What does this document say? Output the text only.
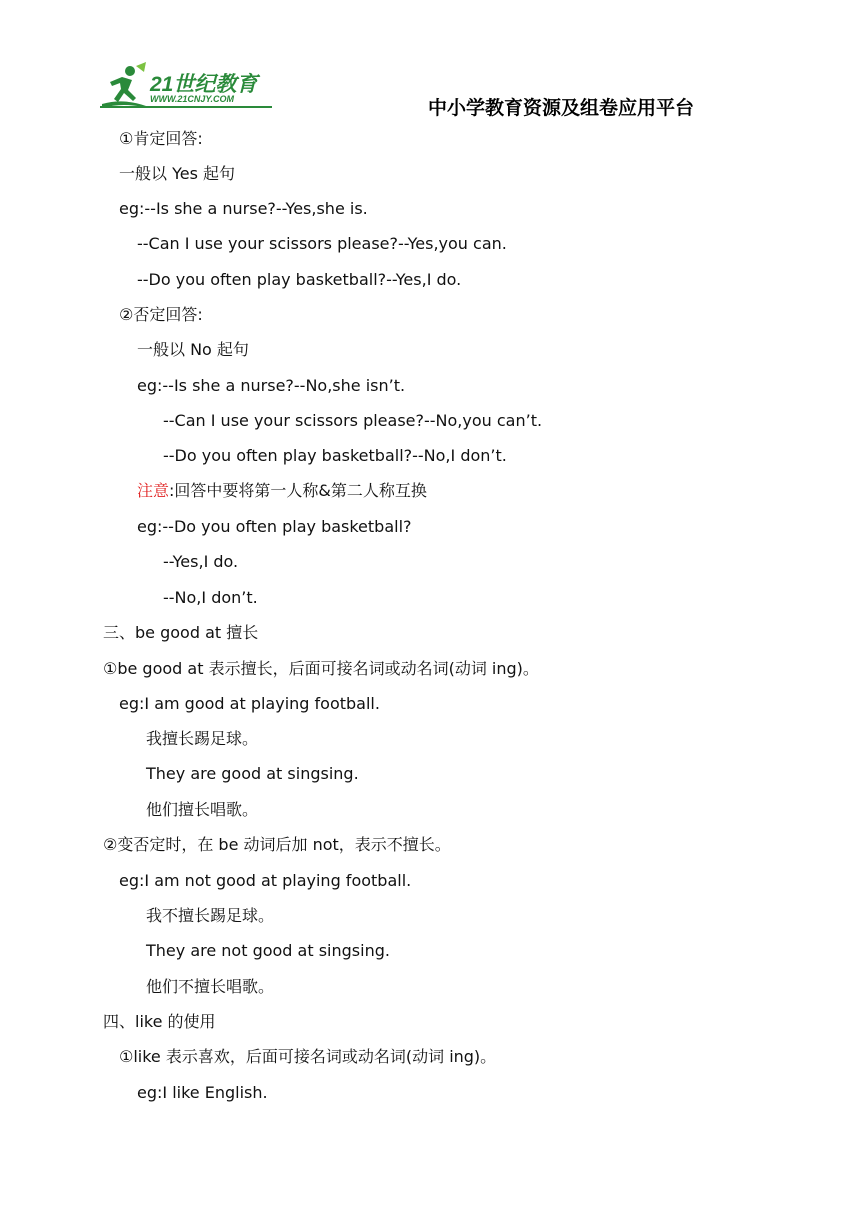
21世纪教育
WWW.21CNJY.COM	中小学教育资源及组卷应用平台
①肯定回答:
一般以 Yes 起句
eg:--Is she a nurse?--Yes,she is.
--Can I use your scissors please?--Yes,you can.
--Do you often play basketball?--Yes,I do.
②否定回答:
一般以 No 起句
eg:--Is she a nurse?--No,she isn’t.
--Can I use your scissors please?--No,you can’t.
--Do you often play basketball?--No,I don’t.
注意:回答中要将第一人称&第二人称互换
eg:--Do you often play basketball?
--Yes,I do.
--No,I don’t.
三、be good at 擅长
①be good at 表示擅长，后面可接名词或动名词(动词 ing)。
eg:I am good at playing football.
我擅长踢足球。
They are good at singsing.
他们擅长唱歌。
②变否定时，在 be 动词后加 not，表示不擅长。
eg:I am not good at playing football.
我不擅长踢足球。
They are not good at singsing.
他们不擅长唱歌。
四、like 的使用
①like 表示喜欢，后面可接名词或动名词(动词 ing)。
eg:I like English.
